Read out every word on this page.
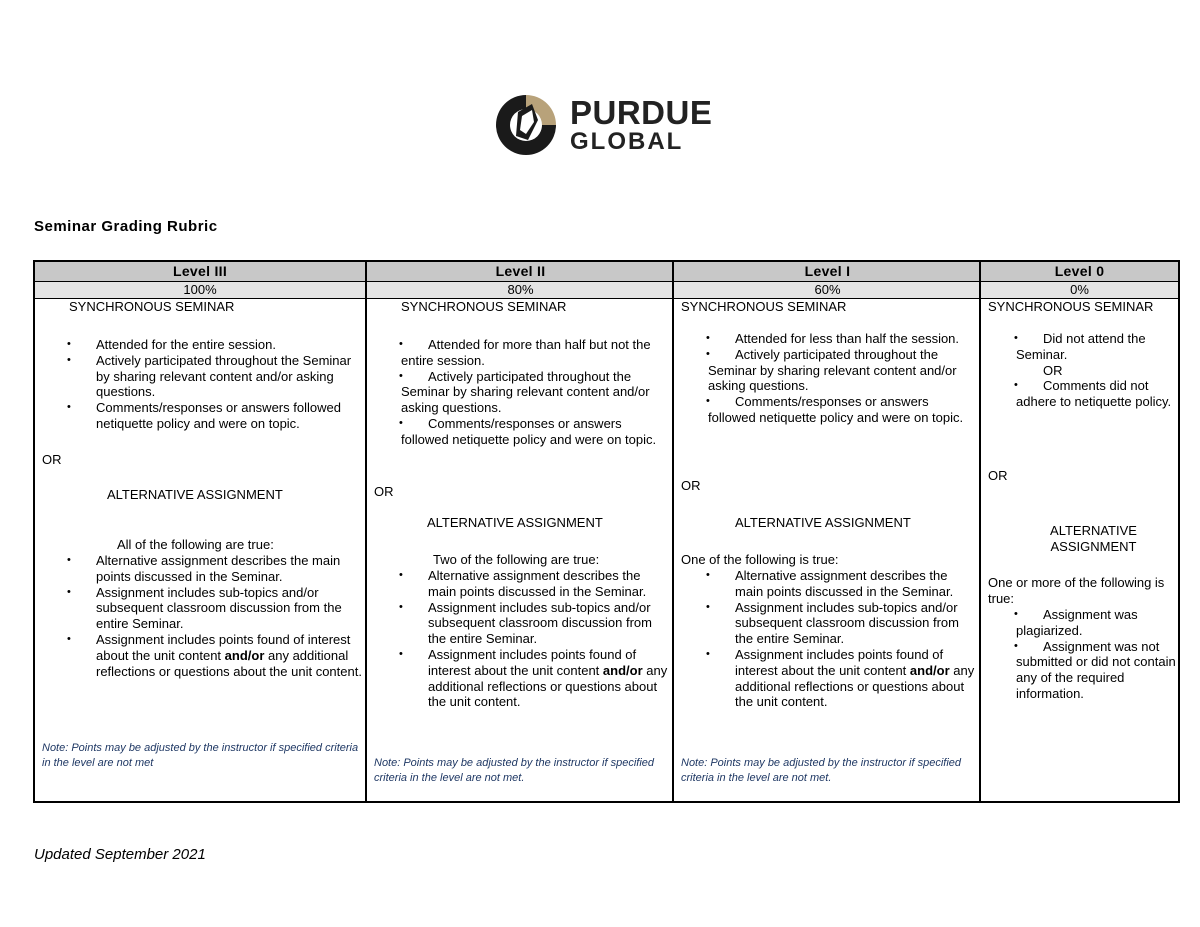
PURDUE
GLOBAL
Seminar Grading Rubric
Level III
100%
SYNCHRONOUS SEMINAR
• Attended for the entire session.
• Actively participated throughout the Seminar by sharing relevant content and/or asking questions.
• Comments/responses or answers followed netiquette policy and were on topic.
OR
ALTERNATIVE ASSIGNMENT
All of the following are true:
• Alternative assignment describes the main points discussed in the Seminar.
• Assignment includes sub-topics and/or subsequent classroom discussion from the entire Seminar.
• Assignment includes points found of interest about the unit content and/or any additional reflections or questions about the unit content.
Note: Points may be adjusted by the instructor if specified criteria in the level are not met
Level II
80%
SYNCHRONOUS SEMINAR
• Attended for more than half but not the entire session.
• Actively participated throughout the Seminar by sharing relevant content and/or asking questions.
• Comments/responses or answers followed netiquette policy and were on topic.
OR
ALTERNATIVE ASSIGNMENT
Two of the following are true:
• Alternative assignment describes the main points discussed in the Seminar.
• Assignment includes sub-topics and/or subsequent classroom discussion from the entire Seminar.
• Assignment includes points found of interest about the unit content and/or any additional reflections or questions about the unit content.
Note: Points may be adjusted by the instructor if specified criteria in the level are not met.
Level I
60%
SYNCHRONOUS SEMINAR
• Attended for less than half the session.
• Actively participated throughout the Seminar by sharing relevant content and/or asking questions.
• Comments/responses or answers followed netiquette policy and were on topic.
OR
ALTERNATIVE ASSIGNMENT
One of the following is true:
• Alternative assignment describes the main points discussed in the Seminar.
• Assignment includes sub-topics and/or subsequent classroom discussion from the entire Seminar.
• Assignment includes points found of interest about the unit content and/or any additional reflections or questions about the unit content.
Note: Points may be adjusted by the instructor if specified criteria in the level are not met.
Level 0
0%
SYNCHRONOUS SEMINAR
• Did not attend the Seminar.
OR
• Comments did not adhere to netiquette policy.
OR
ALTERNATIVE ASSIGNMENT
One or more of the following is true:
• Assignment was plagiarized.
• Assignment was not submitted or did not contain any of the required information.
Updated September 2021
